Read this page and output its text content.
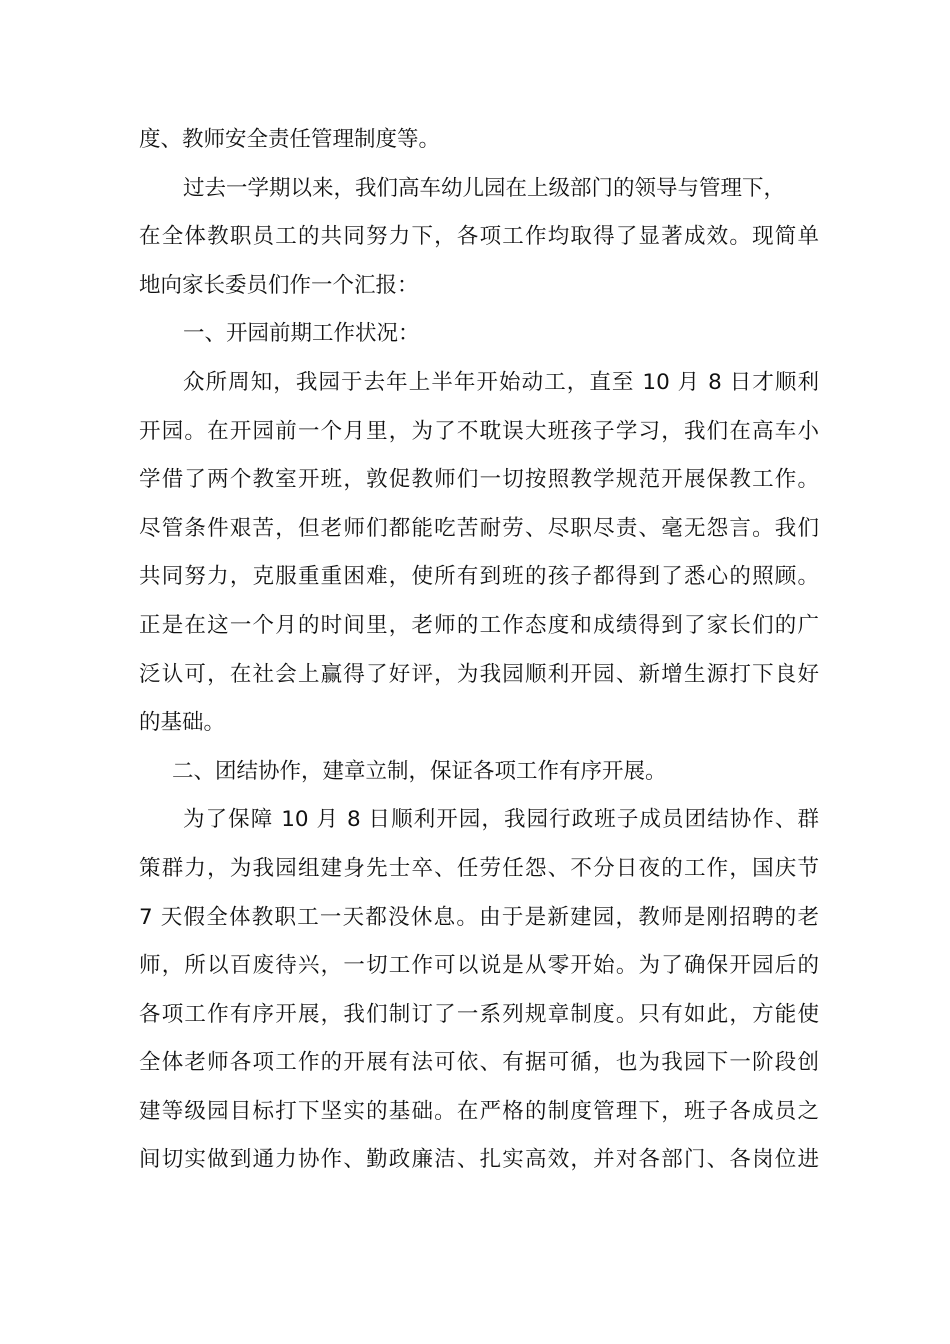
度、教师安全责任管理制度等。
过去一学期以来，我们高车幼儿园在上级部门的领导与管理下，
在全体教职员工的共同努力下，各项工作均取得了显著成效。现简单
地向家长委员们作一个汇报：
一、开园前期工作状况：
众所周知，我园于去年上半年开始动工，直至 10 月 8 日才顺利
开园。在开园前一个月里，为了不耽误大班孩子学习，我们在高车小
学借了两个教室开班，敦促教师们一切按照教学规范开展保教工作。
尽管条件艰苦，但老师们都能吃苦耐劳、尽职尽责、毫无怨言。我们
共同努力，克服重重困难，使所有到班的孩子都得到了悉心的照顾。
正是在这一个月的时间里，老师的工作态度和成绩得到了家长们的广
泛认可，在社会上赢得了好评，为我园顺利开园、新增生源打下良好
的基础。
二、团结协作，建章立制，保证各项工作有序开展。
为了保障 10 月 8 日顺利开园，我园行政班子成员团结协作、群
策群力，为我园组建身先士卒、任劳任怨、不分日夜的工作，国庆节
7 天假全体教职工一天都没休息。由于是新建园，教师是刚招聘的老
师，所以百废待兴，一切工作可以说是从零开始。为了确保开园后的
各项工作有序开展，我们制订了一系列规章制度。只有如此，方能使
全体老师各项工作的开展有法可依、有据可循，也为我园下一阶段创
建等级园目标打下坚实的基础。在严格的制度管理下，班子各成员之
间切实做到通力协作、勤政廉洁、扎实高效，并对各部门、各岗位进
